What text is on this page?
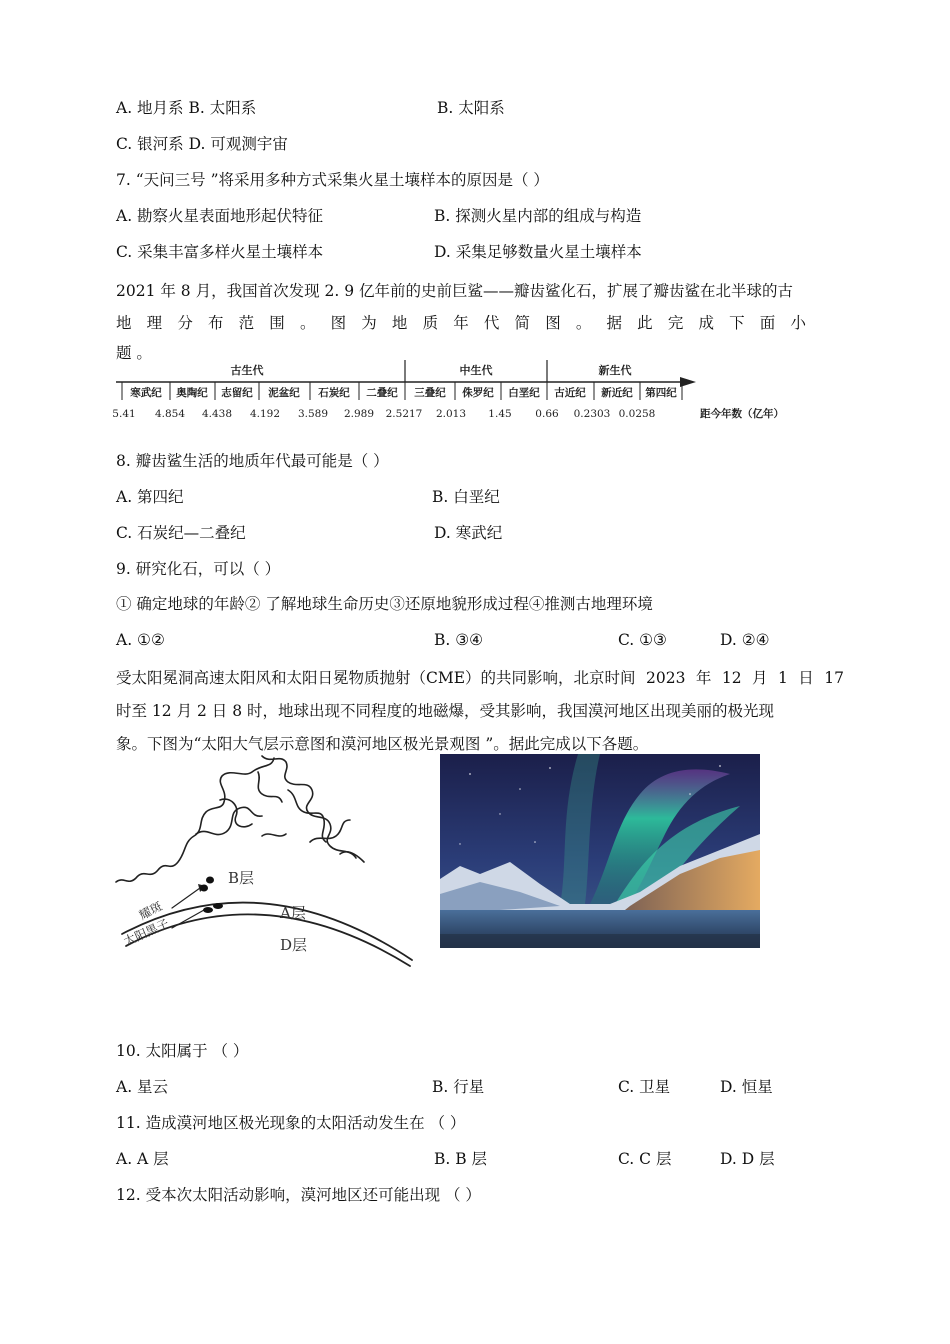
A. 地月系 B. 太阳系	B. 太阳系
C. 银河系 D. 可观测宇宙
7. “天问三号 ”将采用多种方式采集火星土壤样本的原因是（ ）
A. 勘察火星表面地形起伏特征	B. 探测火星内部的组成与构造
C. 采集丰富多样火星土壤样本	D. 采集足够数量火星土壤样本
2021 年 8 月，我国首次发现 2. 9 亿年前的史前巨鲨——瓣齿鲨化石，扩展了瓣齿鲨在北半球的古
地 理 分 布 范 围 。 图 为 地 质 年 代 简 图 。 据 此 完 成 下 面 小
题 。
古生代	中生代	新生代
寒武纪 奥陶纪 志留纪 泥盆纪 石炭纪 二叠纪 三叠纪 侏罗纪 白垩纪 古近纪 新近纪 第四纪
5.41 4.854 4.438 4.192 3.589 2.989 2.5217 2.013 1.45 0.66 0.2303 0.0258	距今年数（亿年）
8. 瓣齿鲨生活的地质年代最可能是（ ）
A. 第四纪	B. 白垩纪
C. 石炭纪—二叠纪	D. 寒武纪
9. 研究化石，可以（ ）
① 确定地球的年龄② 了解地球生命历史③还原地貌形成过程④推测古地理环境
A. ①②	B. ③④	C. ①③	D. ②④
受太阳冕洞高速太阳风和太阳日冕物质抛射（CME）的共同影响，北京时间 2023 年 12 月 1 日 17
时至 12 月 2 日 8 时，地球出现不同程度的地磁爆，受其影响，我国漠河地区出现美丽的极光现
象。下图为“太阳大气层示意图和漠河地区极光景观图 ”。据此完成以下各题。
B层
A层
D层
耀斑
太阳黑子
10. 太阳属于 （ ）
A. 星云	B. 行星	C. 卫星	D. 恒星
11. 造成漠河地区极光现象的太阳活动发生在 （ ）
A. A 层	B. B 层	C. C 层	D. D 层
12. 受本次太阳活动影响，漠河地区还可能出现 （ ）
